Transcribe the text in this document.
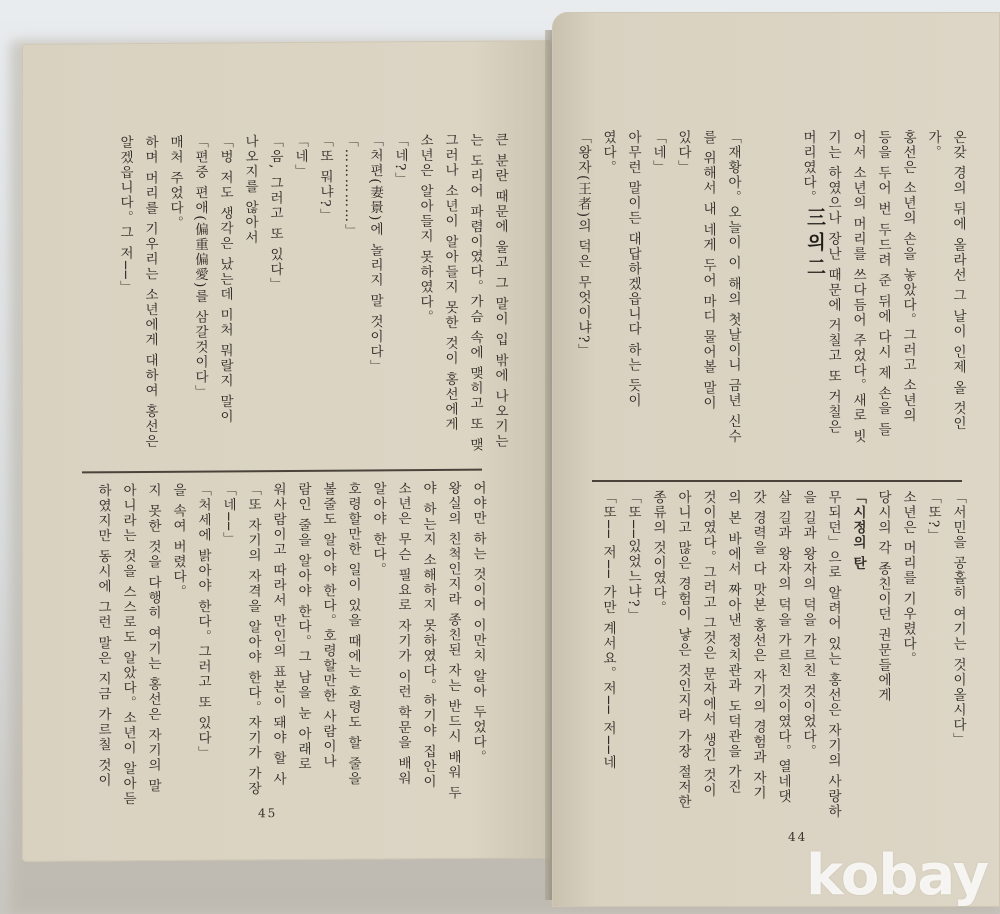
큰 분란 때문에 울고 그 말이 입 밖에 나오기는
는 도리어 파렴이였다。가슴 속에 맺히고 또 맺
그러나 소년이 알아들지 못한 것이 홍선에게
소년은 알아들지 못하였다。
「네?」
「처편(妻㬌)에 놀리지 말 것이다」
「……………」
「또 뭐냐?」
「네」
「음, 그러고 또 있다」
나오지를 않아서
「벙 저도 생각은 났는데 미처 뭐랄지 말이
「편중 편애(偏重偏愛)를 삼갈것이다」
매처 주었다。
하며 머리를 기우리는 소년에게 대하여 홍선은
알겠읍니다。그 저──」
어야만 하는 것이어 이만치 알아 두었다。
왕실의 친척인지라 종친된 자는 반드시 배워 두
야 하는지 소해하지 못하였다。하기야 집안이
소년은 무슨 필요로 자기가 이런 학문을 배워
알아야 한다。
호령할만한 일이 있을 때에는 호령도 할 줄을
볼줄도 알아야 한다。호령할만한 사람이나
람인 줄을 알아야 한다。그 남을 눈 아래로
워사람이고 따라서 만인의 표본이 돼야 할 사
「또 자기의 자격을 알아야 한다。자기가 가장
「네──」
「처세에 밝아야 한다。그러고 또 있다」
을 속여 버렸다。
지 못한 것을 다행히 여기는 홍선은 자기의 말
아니라는 것을 스스로도 알았다。소년이 알아듣
하였지만 동시에 그런 말은 지금 가르칠 것이
45
온갖 경의 뒤에 올라선 그 날이 인제 올 것인
가。
홍선은 소년의 손을 놓았다。그러고 소년의
등을 두어 번 두드려 준 뒤에 다시 제 손을 들
어서 소년의 머리를 쓰다듬어 주었다。새로 빗
기는 하였으나 장난 때문에 거칠고 또 거칠은
머리였다。

「재황아。오늘이 이 해의 첫날이니 금년 신수
를 위해서 내 네게 두어 마디 물어볼 말이
있다」
「네」
아무런 말이든 대답하겠읍니다 하는 듯이
였다。
「왕자(王者)의 덕은 무엇이냐?」	三의二
「서민을 공홀히 여기는 것이올시다」
「또?」
소년은 머리를 기우렸다。
당시의 각 종친이던 권문들에게
「시정의 탄
무되던」으로 알려어 있는 홍선은 자기의 사랑하
을 길과 왕자의 덕을 가르친 것이었다。
살 길과 왕자의 덕을 가르친 것이였다。열네댓
갓 경력을 다 맛본 홍선은 자기의 경험과 자기
의 본 바에서 짜아낸 정치관과 도덕관을 가진
것이였다。그러고 그것은 문자에서 생긴 것이
아니고 많은 경험이 낳은 것인지라 가장 절저한
종류의 것이였다。
「또──있었느냐?」
「또── 저── 가만 계서요。저── 저──네
44
kobay
